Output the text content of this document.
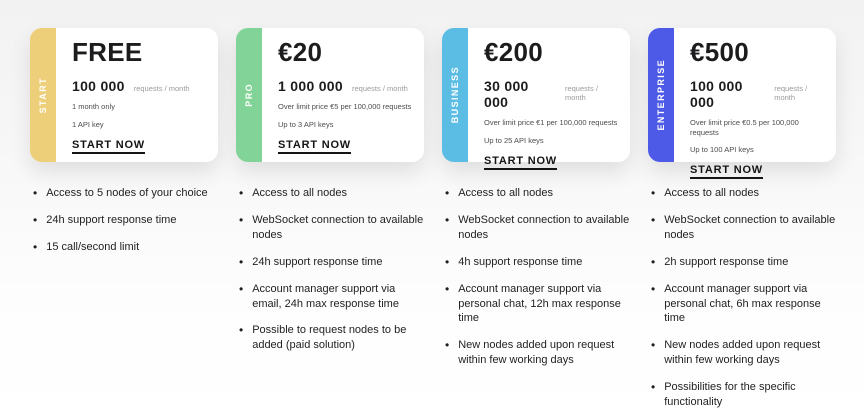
START
FREE
100 000 requests / month

1 month only

1 API key

START NOW
• Access to 5 nodes of your choice
• 24h support response time
• 15 call/second limit
PRO
€20
1 000 000 requests / month

Over limit price €5 per 100,000 requests

Up to 3 API keys

START NOW
• Access to all nodes
• WebSocket connection to available nodes
• 24h support response time
• Account manager support via email, 24h max response time
• Possible to request nodes to be added (paid solution)
BUSINESS
€200
30 000 000
requests / month

Over limit price €1 per 100,000 requests

Up to 25 API keys

START NOW
• Access to all nodes
• WebSocket connection to available nodes
• 4h support response time
• Account manager support via personal chat, 12h max response time
• New nodes added upon request within few working days
ENTERPRISE
€500
100 000 000
requests / month

Over limit price €0.5 per 100,000 requests

Up to 100 API keys

START NOW
• Access to all nodes
• WebSocket connection to available nodes
• 2h support response time
• Account manager support via personal chat, 6h max response time
• New nodes added upon request within few working days
• Possibilities for the specific functionality
